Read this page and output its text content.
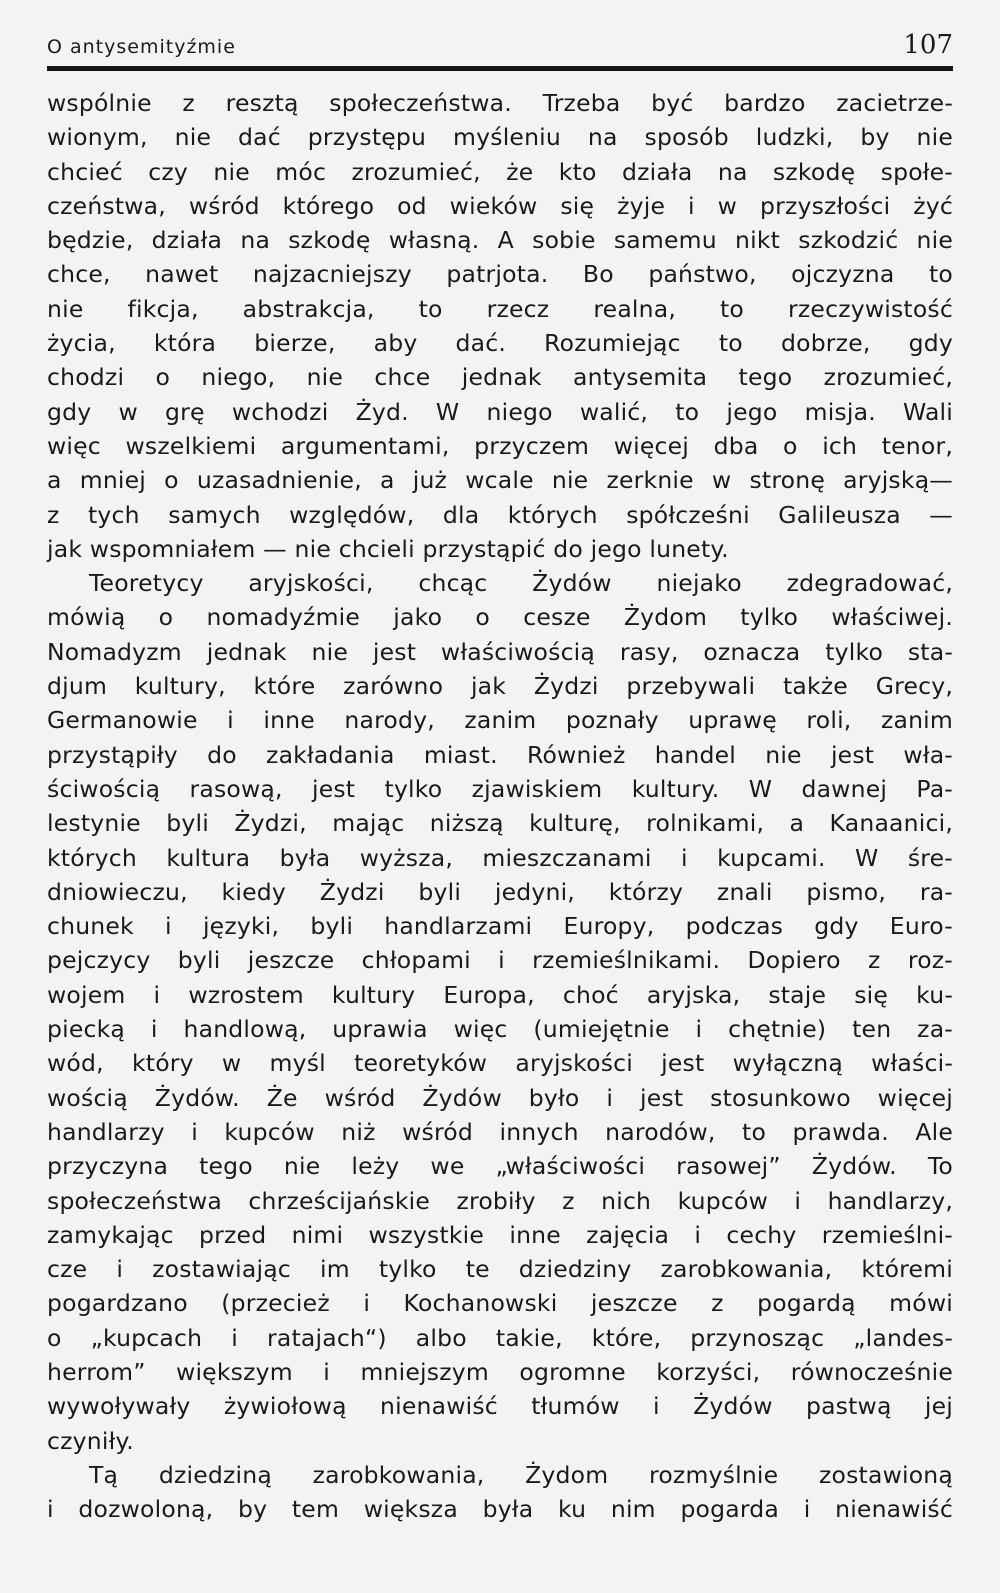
O antysemityźmie	107
wspólnie z resztą społeczeństwa. Trzeba być bardzo zacietrze-
wionym, nie dać przystępu myśleniu na sposób ludzki, by nie
chcieć czy nie móc zrozumieć, że kto działa na szkodę społe-
czeństwa, wśród którego od wieków się żyje i w przyszłości żyć
będzie, działa na szkodę własną. A sobie samemu nikt szkodzić nie
chce, nawet najzacniejszy patrjota. Bo państwo, ojczyzna to
nie fikcja, abstrakcja, to rzecz realna, to rzeczywistość
życia, która bierze, aby dać. Rozumiejąc to dobrze, gdy
chodzi o niego, nie chce jednak antysemita tego zrozumieć,
gdy w grę wchodzi Żyd. W niego walić, to jego misja. Wali
więc wszelkiemi argumentami, przyczem więcej dba o ich tenor,
a mniej o uzasadnienie, a już wcale nie zerknie w stronę aryjską—
z tych samych względów, dla których spółcześni Galileusza —
jak wspomniałem — nie chcieli przystąpić do jego lunety.
Teoretycy aryjskości, chcąc Żydów niejako zdegradować,
mówią o nomadyźmie jako o cesze Żydom tylko właściwej.
Nomadyzm jednak nie jest właściwością rasy, oznacza tylko sta-
djum kultury, które zarówno jak Żydzi przebywali także Grecy,
Germanowie i inne narody, zanim poznały uprawę roli, zanim
przystąpiły do zakładania miast. Również handel nie jest wła-
ściwością rasową, jest tylko zjawiskiem kultury. W dawnej Pa-
lestynie byli Żydzi, mając niższą kulturę, rolnikami, a Kanaanici,
których kultura była wyższa, mieszczanami i kupcami. W śre-
dniowieczu, kiedy Żydzi byli jedyni, którzy znali pismo, ra-
chunek i języki, byli handlarzami Europy, podczas gdy Euro-
pejczycy byli jeszcze chłopami i rzemieślnikami. Dopiero z roz-
wojem i wzrostem kultury Europa, choć aryjska, staje się ku-
piecką i handlową, uprawia więc (umiejętnie i chętnie) ten za-
wód, który w myśl teoretyków aryjskości jest wyłączną właści-
wością Żydów. Że wśród Żydów było i jest stosunkowo więcej
handlarzy i kupców niż wśród innych narodów, to prawda. Ale
przyczyna tego nie leży we „właściwości rasowej” Żydów. To
społeczeństwa chrześcijańskie zrobiły z nich kupców i handlarzy,
zamykając przed nimi wszystkie inne zajęcia i cechy rzemieślni-
cze i zostawiając im tylko te dziedziny zarobkowania, któremi
pogardzano (przecież i Kochanowski jeszcze z pogardą mówi
o „kupcach i ratajach“) albo takie, które, przynosząc „landes-
herrom” większym i mniejszym ogromne korzyści, równocześnie
wywoływały żywiołową nienawiść tłumów i Żydów pastwą jej
czyniły.
Tą dziedziną zarobkowania, Żydom rozmyślnie zostawioną
i dozwoloną, by tem większa była ku nim pogarda i nienawiść
